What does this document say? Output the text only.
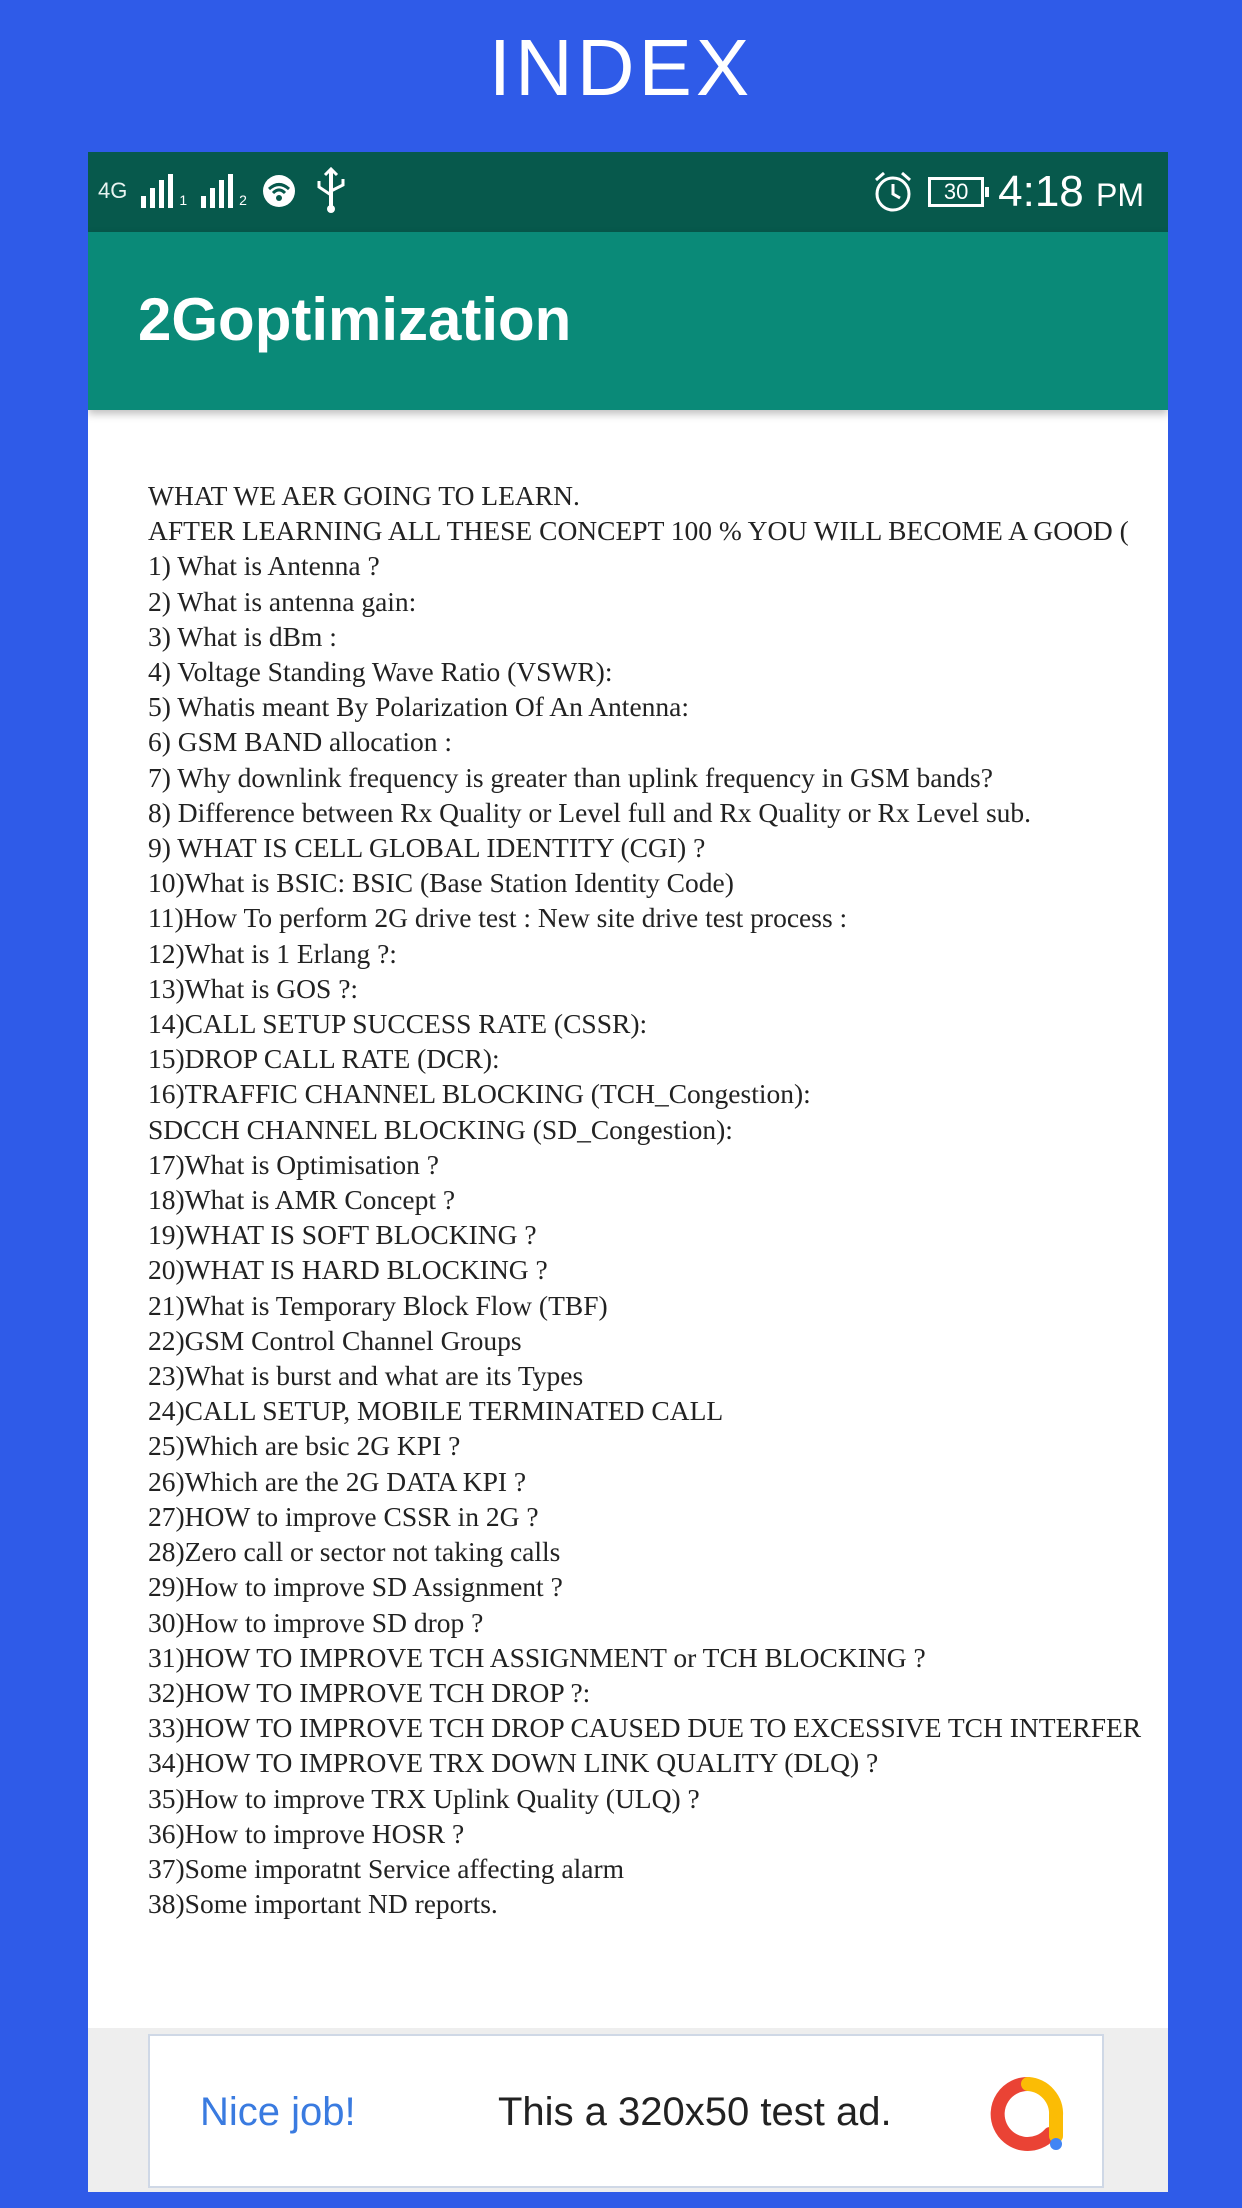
INDEX
4G	1	2	30 4:18 PM
2Goptimization
WHAT WE AER GOING TO LEARN.
AFTER LEARNING ALL THESE CONCEPT 100 % YOU WILL BECOME A GOOD (
1) What is Antenna ?
2) What is antenna gain:
3) What is dBm :
4) Voltage Standing Wave Ratio (VSWR):
5) Whatis meant By Polarization Of An Antenna:
6) GSM BAND allocation :
7) Why downlink frequency is greater than uplink frequency in GSM bands?
8) Difference between Rx Quality or Level full and Rx Quality or Rx Level sub.
9) WHAT IS CELL GLOBAL IDENTITY (CGI) ?
10)What is BSIC: BSIC (Base Station Identity Code)
11)How To perform 2G drive test : New site drive test process :
12)What is 1 Erlang ?:
13)What is GOS ?:
14)CALL SETUP SUCCESS RATE (CSSR):
15)DROP CALL RATE (DCR):
16)TRAFFIC CHANNEL BLOCKING (TCH_Congestion):
SDCCH CHANNEL BLOCKING (SD_Congestion):
17)What is Optimisation ?
18)What is AMR Concept ?
19)WHAT IS SOFT BLOCKING ?
20)WHAT IS HARD BLOCKING ?
21)What is Temporary Block Flow (TBF)
22)GSM Control Channel Groups
23)What is burst and what are its Types
24)CALL SETUP, MOBILE TERMINATED CALL
25)Which are bsic 2G KPI ?
26)Which are the 2G DATA KPI ?
27)HOW to improve CSSR in 2G ?
28)Zero call or sector not taking calls
29)How to improve SD Assignment ?
30)How to improve SD drop ?
31)HOW TO IMPROVE TCH ASSIGNMENT or TCH BLOCKING ?
32)HOW TO IMPROVE TCH DROP ?:
33)HOW TO IMPROVE TCH DROP CAUSED DUE TO EXCESSIVE TCH INTERFER
34)HOW TO IMPROVE TRX DOWN LINK QUALITY (DLQ) ?
35)How to improve TRX Uplink Quality (ULQ) ?
36)How to improve HOSR ?
37)Some imporatnt Service affecting alarm
38)Some important ND reports.
Nice job!	This a 320x50 test ad.
